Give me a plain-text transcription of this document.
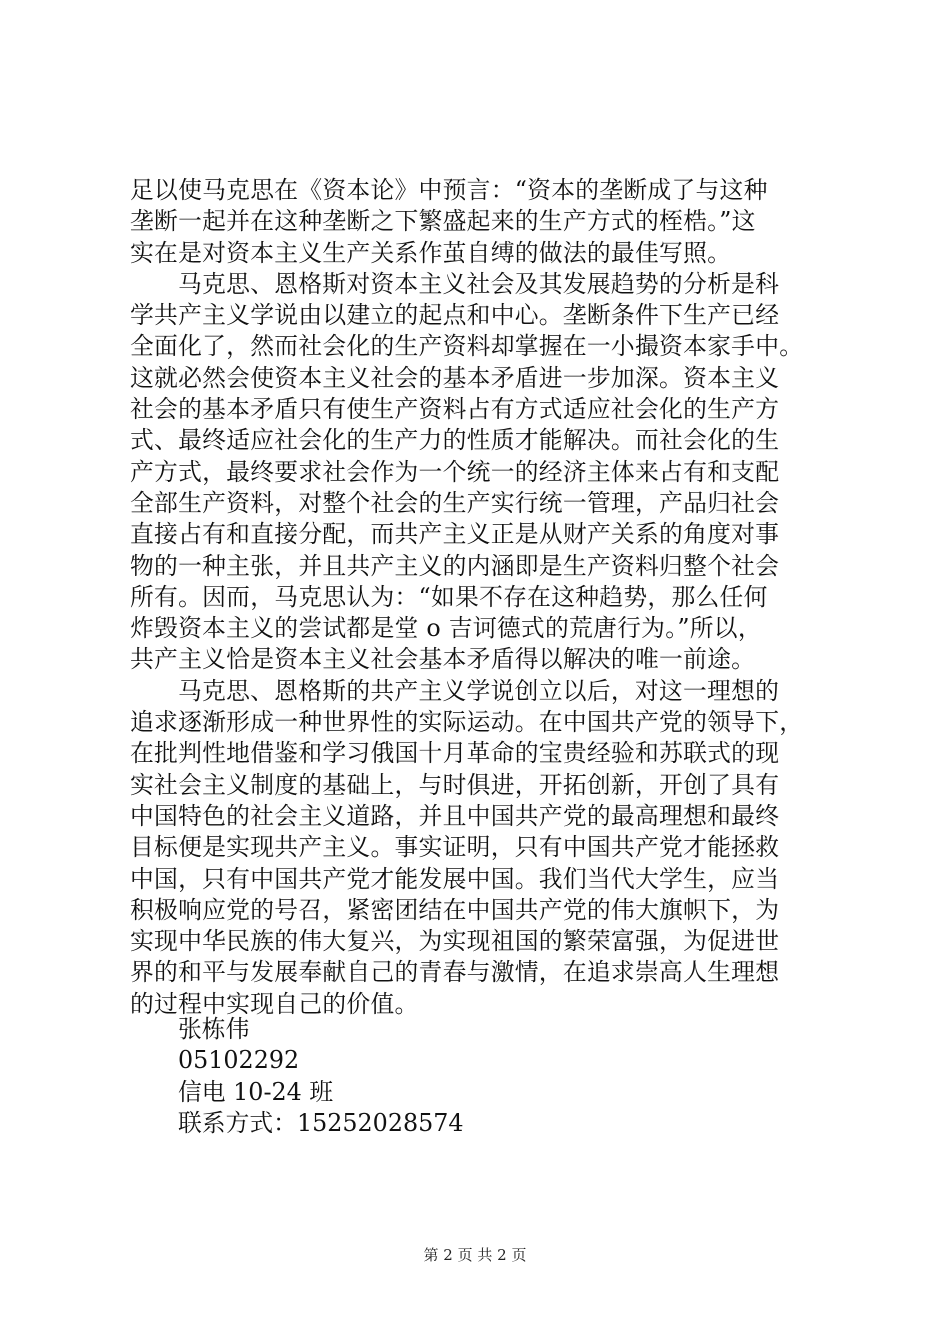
足以使马克思在《资本论》中预言：“资本的垄断成了与这种
垄断一起并在这种垄断之下繁盛起来的生产方式的桎梏。”这
实在是对资本主义生产关系作茧自缚的做法的最佳写照。
马克思、恩格斯对资本主义社会及其发展趋势的分析是科
学共产主义学说由以建立的起点和中心。垄断条件下生产已经
全面化了，然而社会化的生产资料却掌握在一小撮资本家手中。
这就必然会使资本主义社会的基本矛盾进一步加深。资本主义
社会的基本矛盾只有使生产资料占有方式适应社会化的生产方
式、最终适应社会化的生产力的性质才能解决。而社会化的生
产方式，最终要求社会作为一个统一的经济主体来占有和支配
全部生产资料，对整个社会的生产实行统一管理，产品归社会
直接占有和直接分配，而共产主义正是从财产关系的角度对事
物的一种主张，并且共产主义的内涵即是生产资料归整个社会
所有。因而，马克思认为：“如果不存在这种趋势，那么任何
炸毁资本主义的尝试都是堂 o 吉诃德式的荒唐行为。”所以，
共产主义恰是资本主义社会基本矛盾得以解决的唯一前途。
马克思、恩格斯的共产主义学说创立以后，对这一理想的
追求逐渐形成一种世界性的实际运动。在中国共产党的领导下，
在批判性地借鉴和学习俄国十月革命的宝贵经验和苏联式的现
实社会主义制度的基础上，与时俱进，开拓创新，开创了具有
中国特色的社会主义道路，并且中国共产党的最高理想和最终
目标便是实现共产主义。事实证明，只有中国共产党才能拯救
中国，只有中国共产党才能发展中国。我们当代大学生，应当
积极响应党的号召，紧密团结在中国共产党的伟大旗帜下，为
实现中华民族的伟大复兴，为实现祖国的繁荣富强，为促进世
界的和平与发展奉献自己的青春与激情，在追求崇高人生理想
的过程中实现自己的价值。
张栋伟
05102292
信电 10-24 班
联系方式：15252028574
第 2 页 共 2 页
